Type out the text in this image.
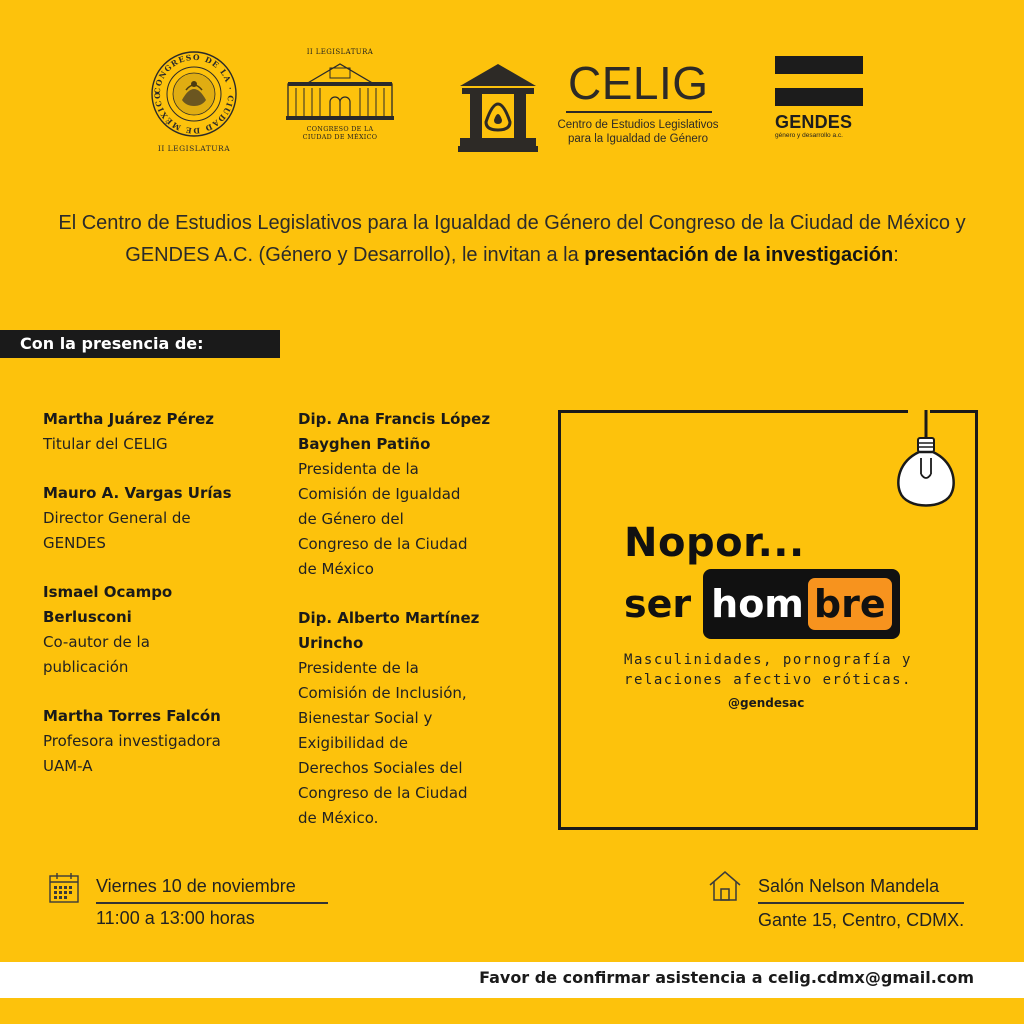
CONGRESO DE LA · CIUDAD DE MÉXICO
II LEGISLATURA
II LEGISLATURA
CONGRESO DE LA
CIUDAD DE MÉXICO
CELIG
Centro de Estudios Legislativos
para la Igualdad de Género
GENDES
género y desarrollo a.c.

El Centro de Estudios Legislativos para la Igualdad de Género del Congreso de la Ciudad de México y GENDES A.C. (Género y Desarrollo), le invitan a la presentación de la investigación:

Con la presencia de:
Martha Juárez Pérez
Titular del CELIG
Mauro A. Vargas Urías
Director General de
GENDES
Ismael Ocampo
Berlusconi
Co-autor de la
publicación
Martha Torres Falcón
Profesora investigadora
UAM-A
Dip. Ana Francis López
Bayghen Patiño
Presidenta de la
Comisión de Igualdad
de Género del
Congreso de la Ciudad
de México
Dip. Alberto Martínez
Urincho
Presidente de la
Comisión de Inclusión,
Bienestar Social y
Exigibilidad de
Derechos Sociales del
Congreso de la Ciudad
de México.
Nopor...
ser hom bre
Masculinidades, pornografía y
relaciones afectivo eróticas.
@gendesac
Viernes 10 de noviembre
11:00 a 13:00 horas
Salón Nelson Mandela
Gante 15, Centro, CDMX.
Favor de confirmar asistencia a celig.cdmx@gmail.com
